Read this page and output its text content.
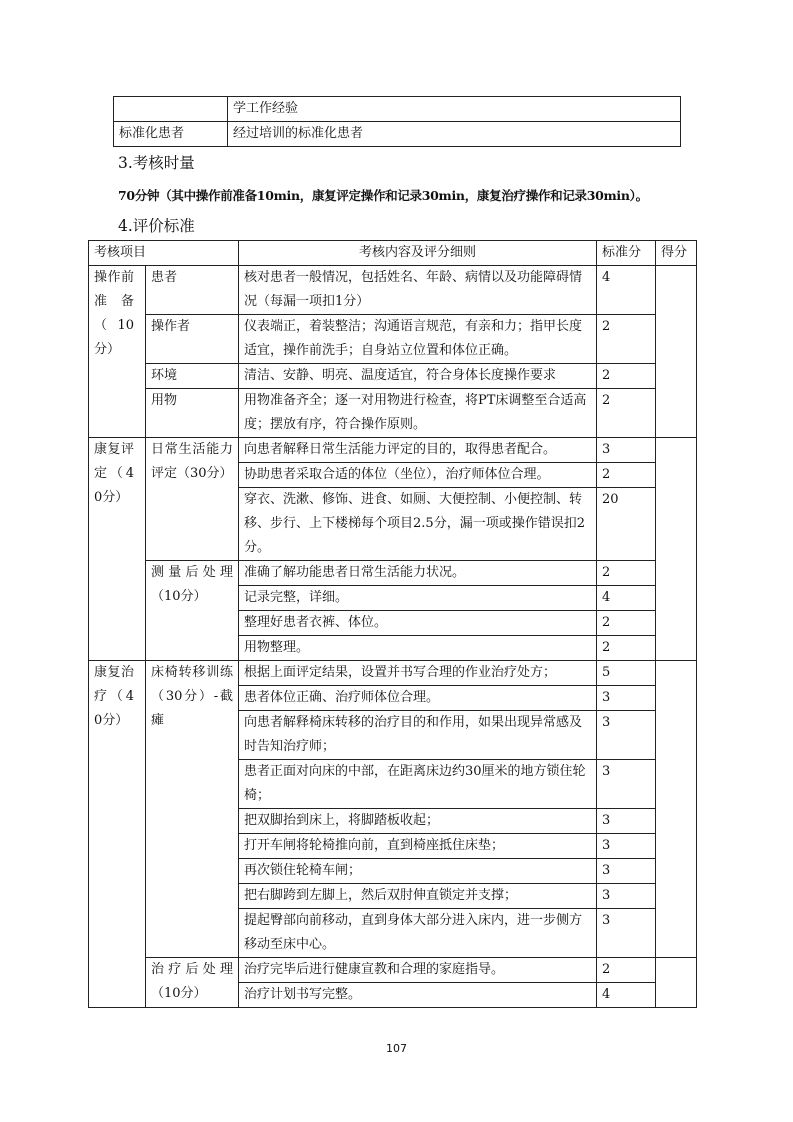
	学工作经验
标准化患者	经过培训的标准化患者
3.考核时量
70分钟（其中操作前准备10min，康复评定操作和记录30min，康复治疗操作和记录30min）。
4.评价标准
考核项目		考核内容及评分细则	标准分	得分

操作前准备（10分）	患者	核对患者一般情况，包括姓名、年龄、病情以及功能障碍情况（每漏一项扣1分）	4	

	操作者	仪表端正，着装整洁；沟通语言规范，有亲和力；指甲长度适宜，操作前洗手；自身站立位置和体位正确。	2	

	环境	清洁、安静、明亮、温度适宜，符合身体长度操作要求	2	

	用物	用物准备齐全；逐一对用物进行检查，将PT床调整至合适高度；摆放有序，符合操作原则。	2	

康复评定（40分）	日常生活能力评定（30分）	向患者解释日常生活能力评定的目的，取得患者配合。	3	
		协助患者采取合适的体位（坐位），治疗师体位合理。	2	
		穿衣、洗漱、修饰、进食、如厕、大便控制、小便控制、转移、步行、上下楼梯每个项目2.5分，漏一项或操作错误扣2分。	20	

	测量后处理（10分）	准确了解功能患者日常生活能力状况。	2	
		记录完整，详细。	4	
		整理好患者衣裤、体位。	2	
		用物整理。	2	

康复治疗（40分）	床椅转移训练（30分）-截瘫	根据上面评定结果，设置并书写合理的作业治疗处方；	5	
		患者体位正确、治疗师体位合理。	3	
		向患者解释椅床转移的治疗目的和作用，如果出现异常感及时告知治疗师；	3	
		患者正面对向床的中部，在距离床边约30厘米的地方锁住轮椅；	3	
		把双脚抬到床上，将脚踏板收起；	3	
		打开车闸将轮椅推向前，直到椅座抵住床垫；	3	
		再次锁住轮椅车闸；	3	
		把右脚跨到左脚上，然后双肘伸直锁定并支撑；	3	
		提起臀部向前移动，直到身体大部分进入床内，进一步侧方移动至床中心。	3	

	治疗后处理（10分）	治疗完毕后进行健康宣教和合理的家庭指导。	2	
		治疗计划书写完整。	4	
107
